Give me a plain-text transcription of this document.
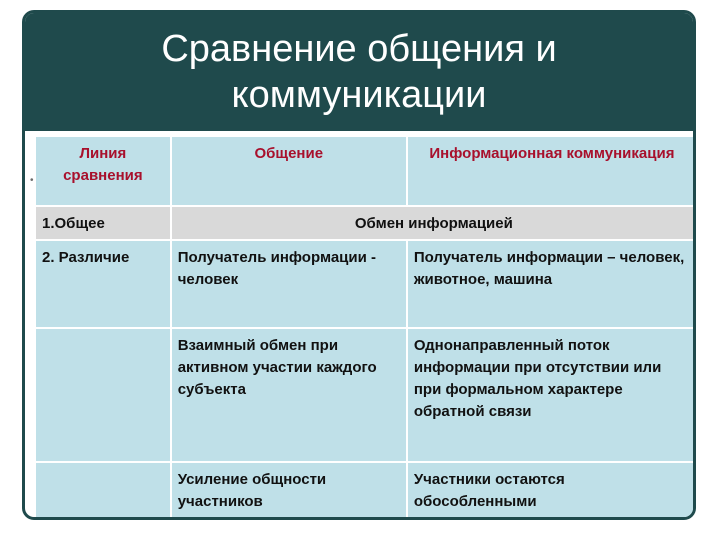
Сравнение общения и коммуникации
•
Линия сравнения	Общение	Информационная коммуникация
1.Общее	Обмен информацией	
2. Различие	Получатель информации - человек	Получатель информации – человек, животное, машина
	Взаимный обмен при активном участии каждого субъекта	Однонаправленный поток информации при отсутствии или при формальном характере обратной связи
	Усиление общности участников	Участники остаются обособленными
